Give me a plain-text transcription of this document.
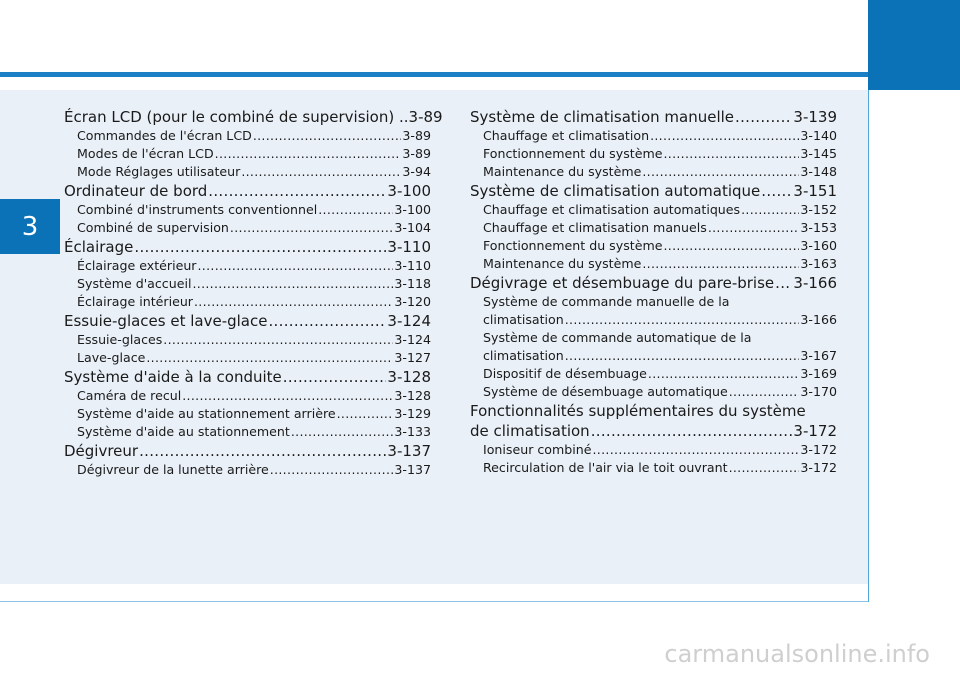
3
Écran LCD (pour le combiné de supervision) .. 3-89
Commandes de l'écran LCD .....	3-89
Modes de l'écran LCD .....	3-89
Mode Réglages utilisateur .....	3-94
Ordinateur de bord .....	3-100
Combiné d'instruments conventionnel .....	3-100
Combiné de supervision .....	3-104
Éclairage .....	3-110
Éclairage extérieur .....	3-110
Système d'accueil .....	3-118
Éclairage intérieur .....	3-120
Essuie-glaces et lave-glace .....	3-124
Essuie-glaces .....	3-124
Lave-glace .....	3-127
Système d'aide à la conduite .....	3-128
Caméra de recul .....	3-128
Système d'aide au stationnement arrière .....	3-129
Système d'aide au stationnement .....	3-133
Dégivreur .....	3-137
Dégivreur de la lunette arrière .....	3-137
Système de climatisation manuelle .....	3-139
Chauffage et climatisation .....	3-140
Fonctionnement du système .....	3-145
Maintenance du système .....	3-148
Système de climatisation automatique ..... 3-151
Chauffage et climatisation automatiques .....	3-152
Chauffage et climatisation manuels .....	3-153
Fonctionnement du système .....	3-160
Maintenance du système .....	3-163
Dégivrage et désembuage du pare-brise ..... 3-166
Système de commande manuelle de la
climatisation .....	3-166
Système de commande automatique de la
climatisation .....	3-167
Dispositif de désembuage .....	3-169
Système de désembuage automatique .....	3-170
Fonctionnalités supplémentaires du système
de climatisation .....	3-172
Ioniseur combiné .....	3-172
Recirculation de l'air via le toit ouvrant .....	3-172
carmanualsonline.info
